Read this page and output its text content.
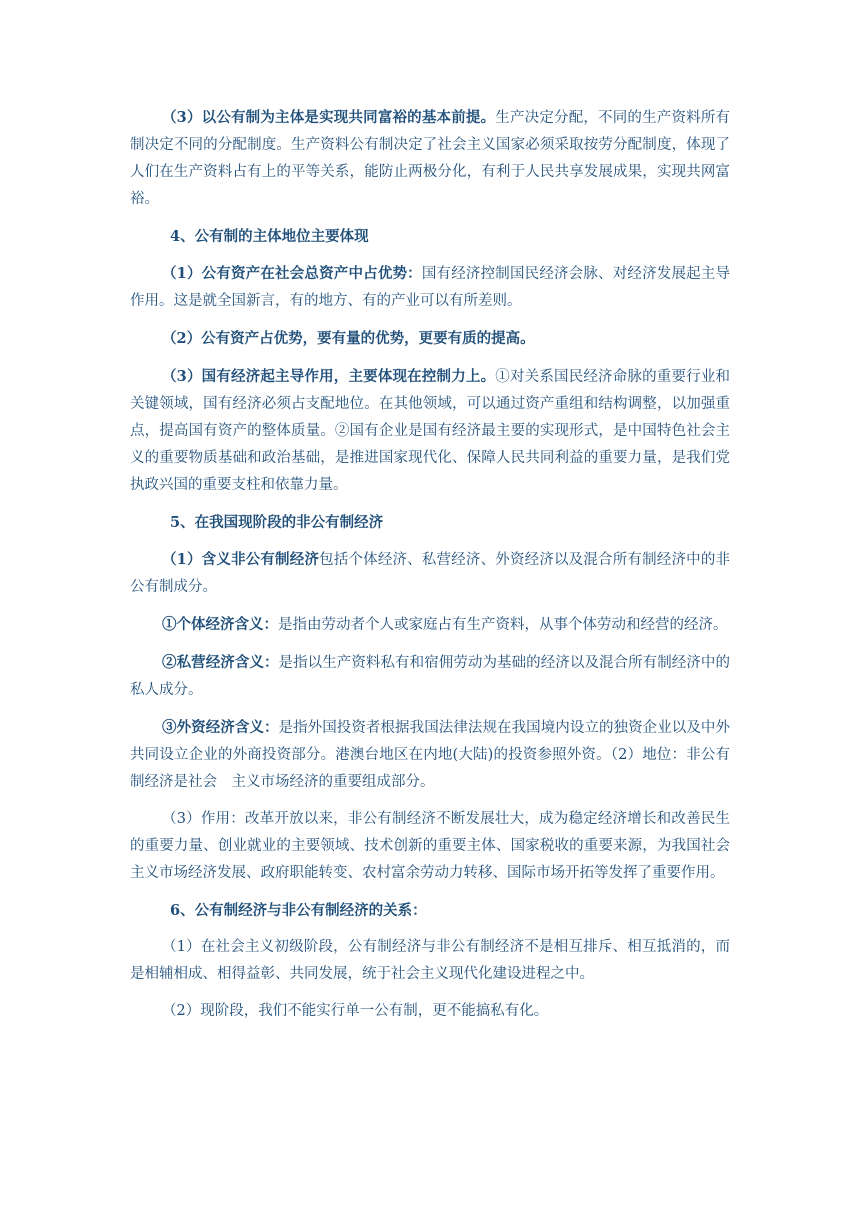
（3）以公有制为主体是实现共同富裕的基本前提。生产决定分配，不同的生产资料所有制决定不同的分配制度。生产资料公有制决定了社会主义国家必须采取按劳分配制度，体现了人们在生产资料占有上的平等关系，能防止两极分化，有利于人民共享发展成果，实现共网富裕。

4、公有制的主体地位主要体现

（1）公有资产在社会总资产中占优势：国有经济控制国民经济会脉、对经济发展起主导作用。这是就全国新言，有的地方、有的产业可以有所差则。

（2）公有资产占优势，要有量的优势，更要有质的提高。

（3）国有经济起主导作用，主要体现在控制力上。①对关系国民经济命脉的重要行业和关键领域，国有经济必须占支配地位。在其他领域，可以通过资产重组和结构调整，以加强重点，提高国有资产的整体质量。②国有企业是国有经济最主要的实现形式，是中国特色社会主义的重要物质基础和政治基础，是推进国家现代化、保障人民共同利益的重要力量，是我们党执政兴国的重要支柱和依靠力量。

5、在我国现阶段的非公有制经济

（1）含义非公有制经济包括个体经济、私营经济、外资经济以及混合所有制经济中的非公有制成分。

①个体经济含义：是指由劳动者个人或家庭占有生产资料，从事个体劳动和经营的经济。

②私营经济含义：是指以生产资料私有和宿佣劳动为基础的经济以及混合所有制经济中的私人成分。

③外资经济含义：是指外国投资者根据我国法律法规在我国境内设立的独资企业以及中外共同设立企业的外商投资部分。港澳台地区在内地(大陆)的投资参照外资。（2）地位：非公有制经济是社会　主义市场经济的重要组成部分。

（3）作用：改革开放以来，非公有制经济不断发展壮大，成为稳定经济增长和改善民生的重要力量、创业就业的主要领域、技术创新的重要主体、国家税收的重要来源，为我国社会主义市场经济发展、政府职能转变、农村富余劳动力转移、国际市场开拓等发挥了重要作用。

6、公有制经济与非公有制经济的关系：

（1）在社会主义初级阶段，公有制经济与非公有制经济不是相互排斥、相互抵消的，而是相辅相成、相得益彰、共同发展，统于社会主义现代化建设进程之中。

（2）现阶段，我们不能实行单一公有制，更不能搞私有化。
